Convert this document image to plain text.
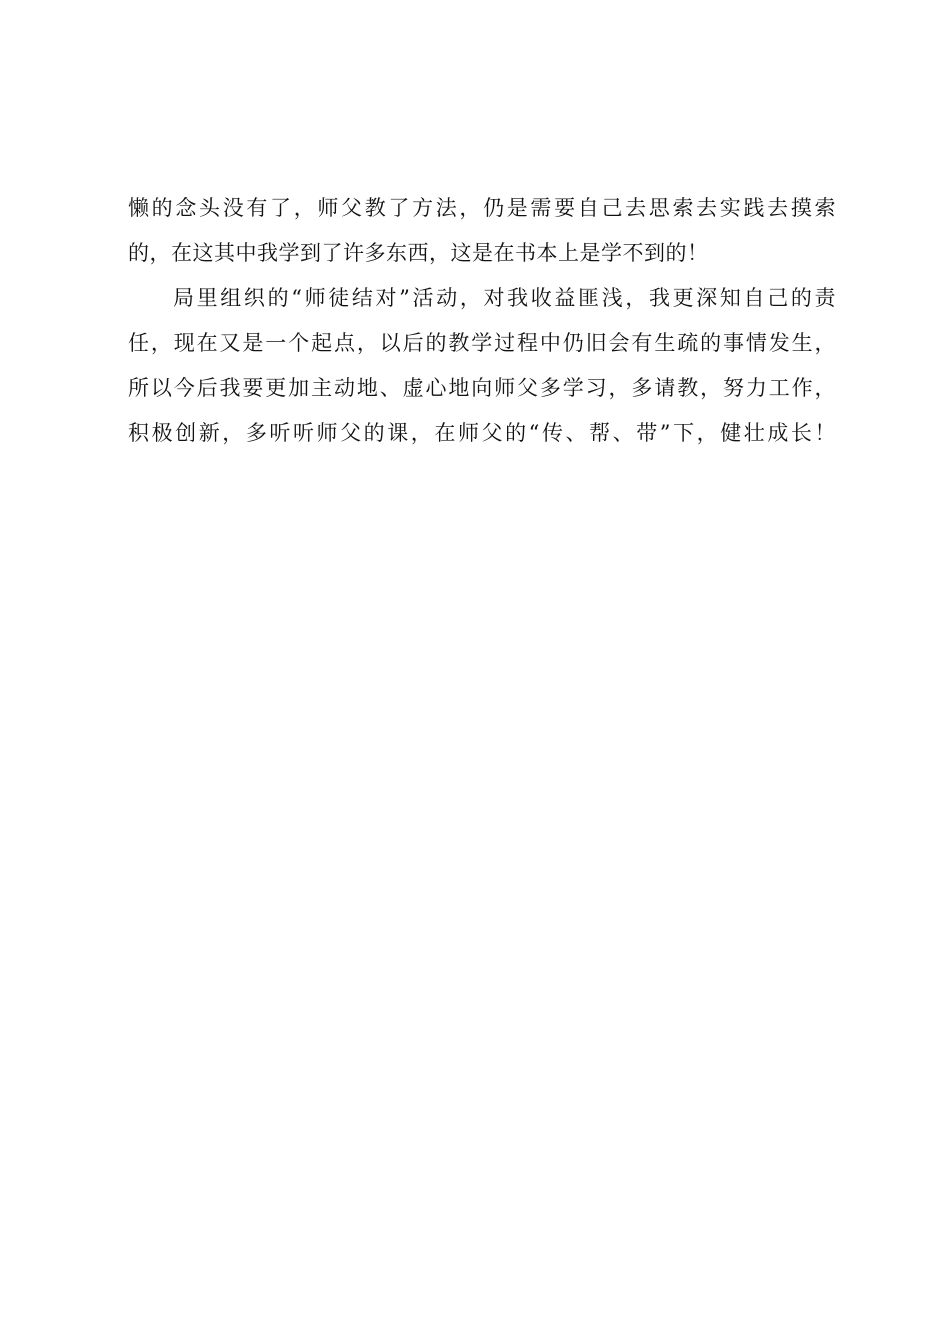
懒的念头没有了，师父教了方法，仍是需要自己去思索去实践去摸索
的，在这其中我学到了许多东西，这是在书本上是学不到的！
局里组织的“师徒结对”活动，对我收益匪浅，我更深知自己的责
任，现在又是一个起点，以后的教学过程中仍旧会有生疏的事情发生，
所以今后我要更加主动地、虚心地向师父多学习，多请教，努力工作，
积极创新，多听听师父的课，在师父的“传、帮、带”下，健壮成长！
